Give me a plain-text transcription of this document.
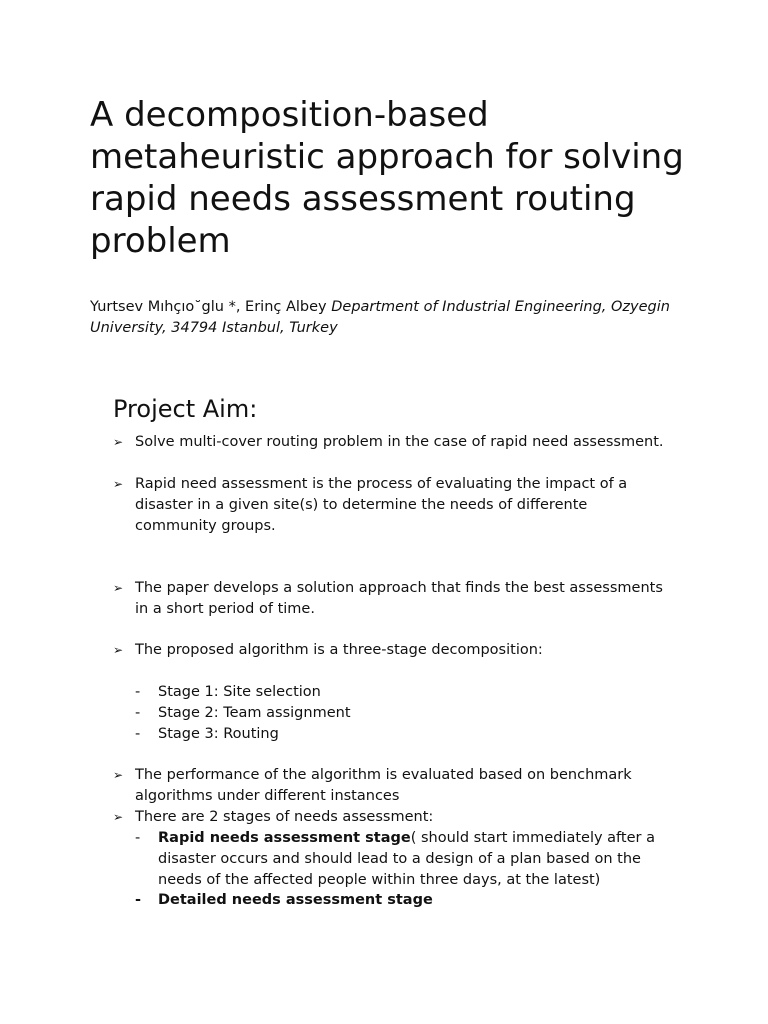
A decomposition-based metaheuristic approach for solving rapid needs assessment routing problem

Yurtsev Mıhçıo˘glu *, Erinç Albey Department of Industrial Engineering, Ozyegin University, 34794 Istanbul, Turkey

Project Aim:
➢ Solve multi-cover routing problem in the case of rapid need assessment.
➢ Rapid need assessment is the process of evaluating the impact of a disaster in a given site(s) to determine the needs of differente community groups.
➢ The paper develops a solution approach that finds the best assessments in a short period of time.
➢ The proposed algorithm is a three-stage decomposition:
- Stage 1: Site selection
- Stage 2: Team assignment
- Stage 3: Routing
➢ The performance of the algorithm is evaluated based on benchmark algorithms under different instances
➢ There are 2 stages of needs assessment:
- Rapid needs assessment stage( should start immediately after a disaster occurs and should lead to a design of a plan based on the needs of the affected people within three days, at the latest)
- Detailed needs assessment stage
